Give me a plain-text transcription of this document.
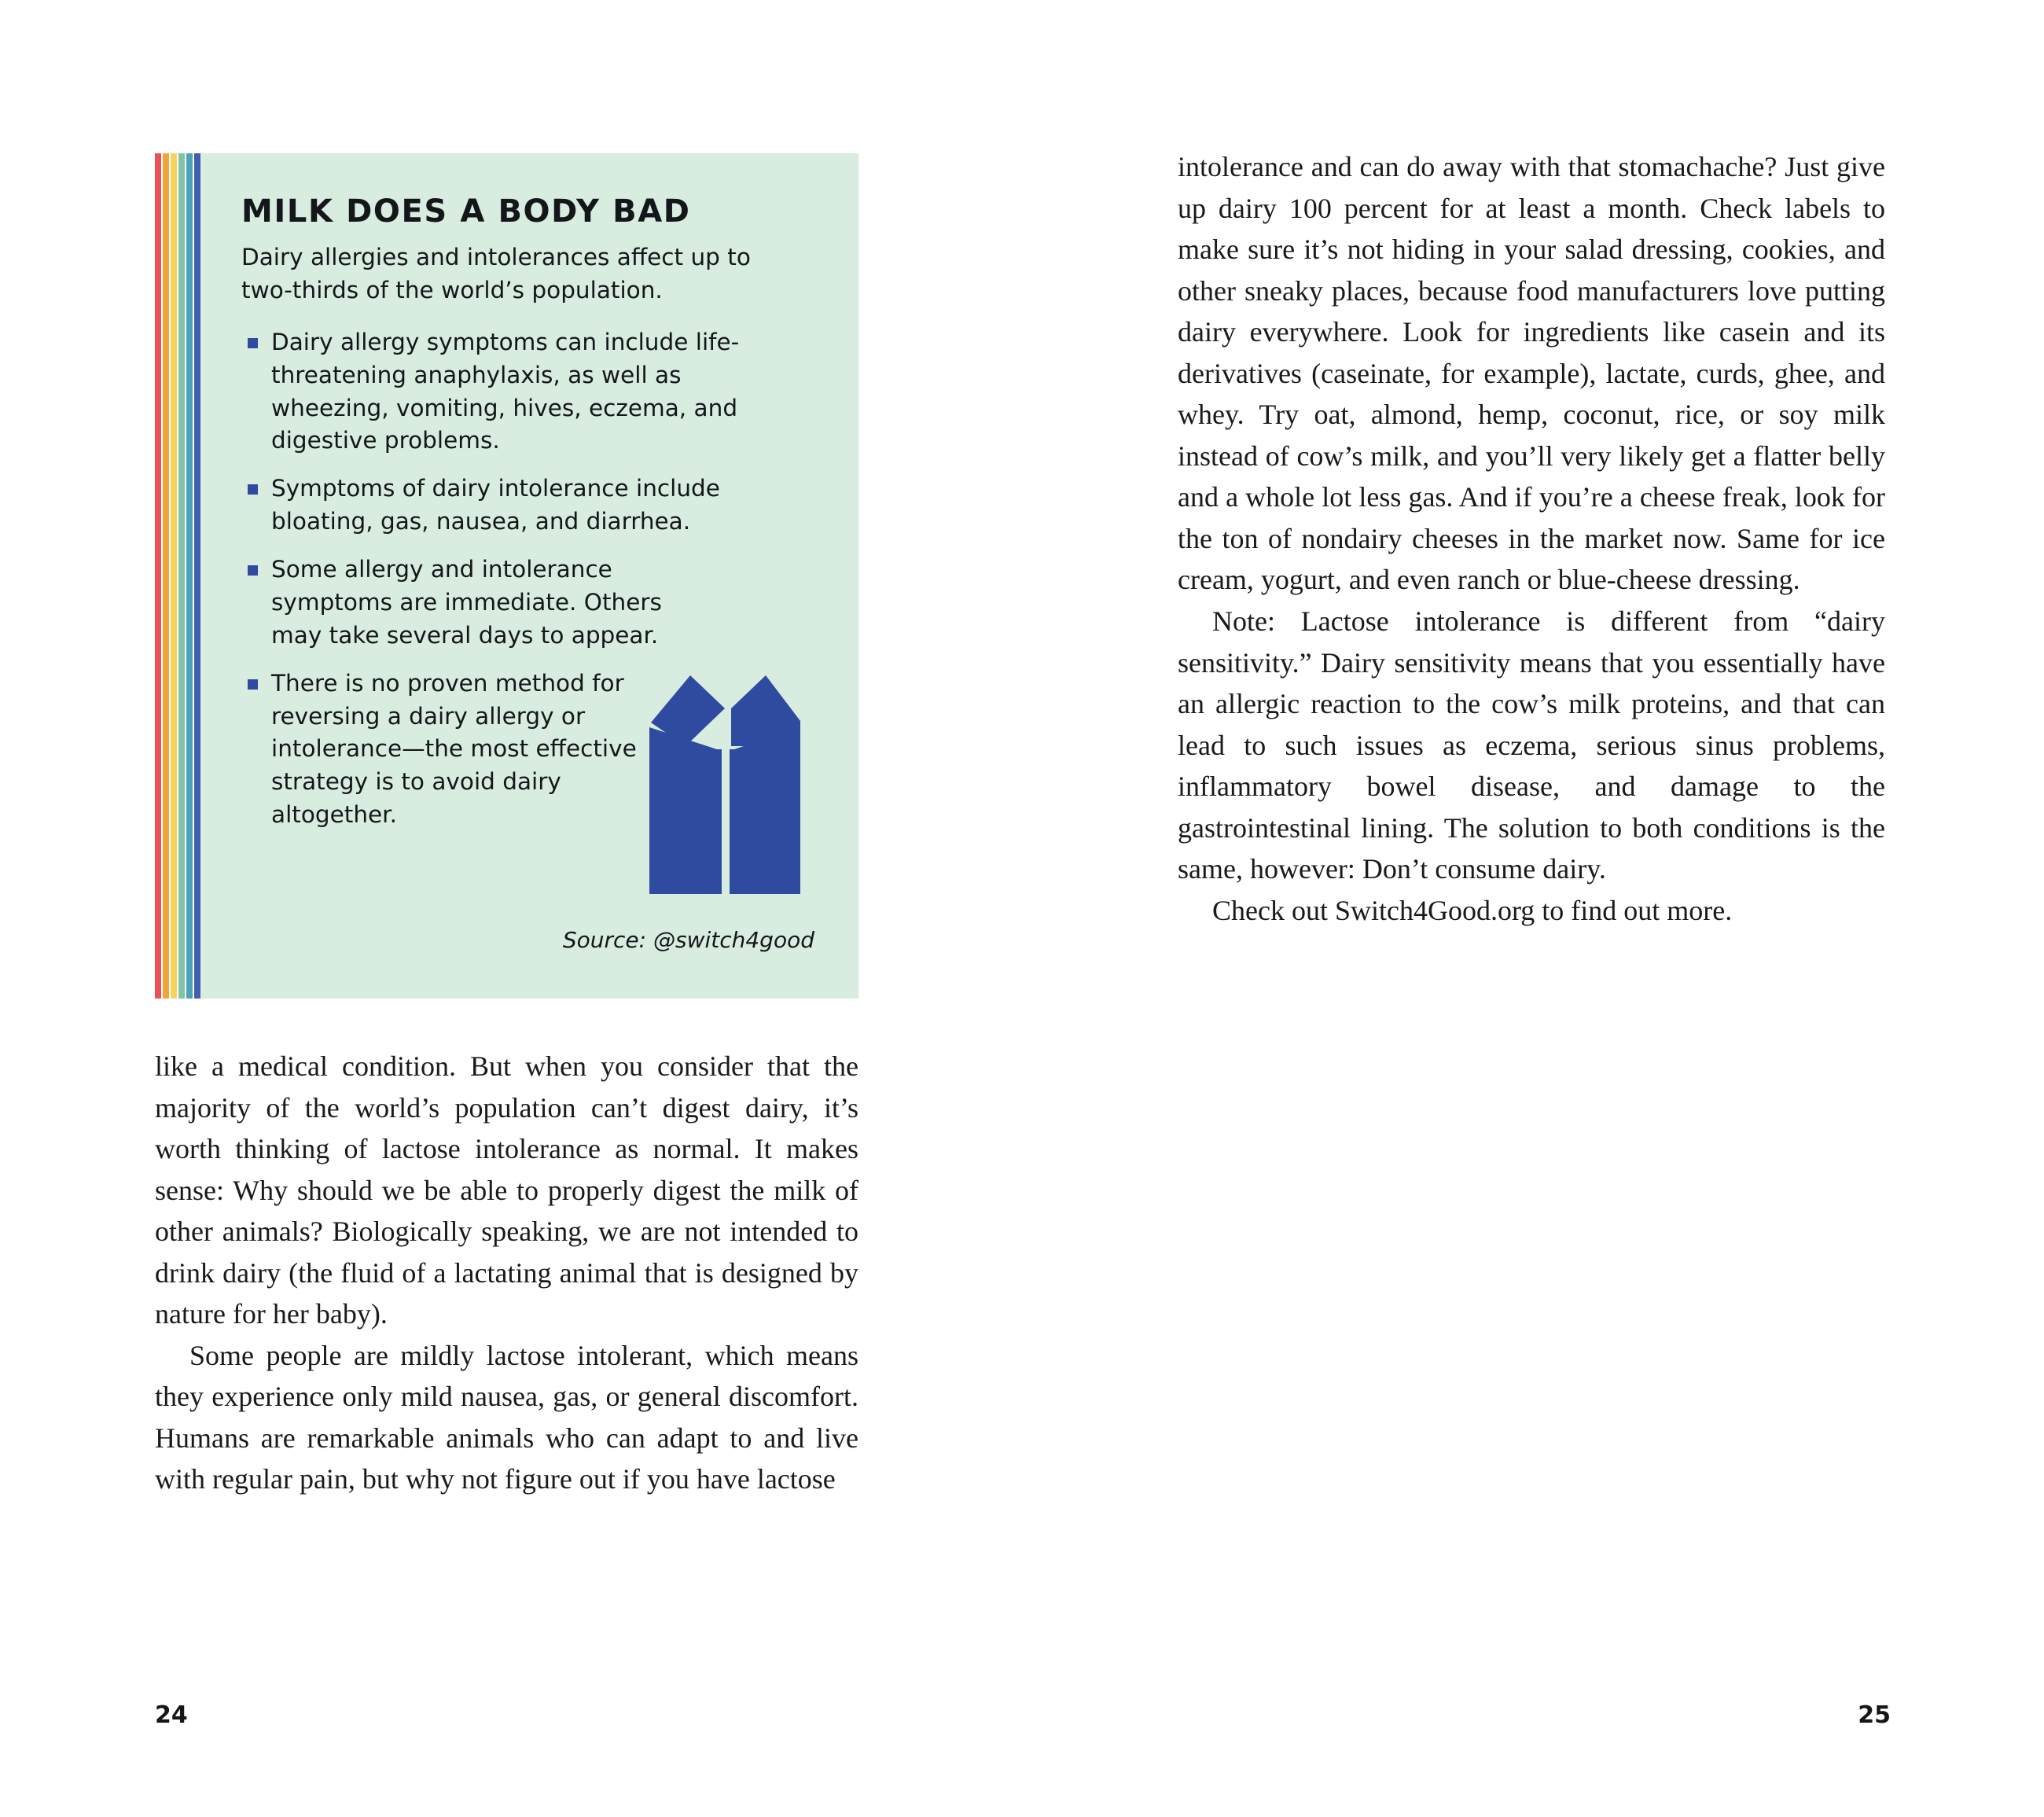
MILK DOES A BODY BAD

Dairy allergies and intolerances affect up to two-thirds of the world’s population.

Dairy allergy symptoms can include life-threatening anaphylaxis, as well as wheezing, vomiting, hives, eczema, and digestive problems.
Symptoms of dairy intolerance include bloating, gas, nausea, and diarrhea.
Some allergy and intolerance symptoms are immediate. Others may take several days to appear.
There is no proven method for reversing a dairy allergy or intolerance—the most effective strategy is to avoid dairy altogether.
Source: @switch4good

like a medical condition. But when you consider that the majority of the world’s population can’t digest dairy, it’s worth thinking of lactose intolerance as normal. It makes sense: Why should we be able to properly digest the milk of other animals? Biologically speaking, we are not intended to drink dairy (the fluid of a lactating animal that is designed by nature for her baby).

Some people are mildly lactose intolerant, which means they experience only mild nausea, gas, or general discomfort. Humans are remarkable animals who can adapt to and live with regular pain, but why not figure out if you have lactose

24

intolerance and can do away with that stomachache? Just give up dairy 100 percent for at least a month. Check labels to make sure it’s not hiding in your salad dressing, cookies, and other sneaky places, because food manufacturers love putting dairy everywhere. Look for ingredients like casein and its derivatives (caseinate, for example), lactate, curds, ghee, and whey. Try oat, almond, hemp, coconut, rice, or soy milk instead of cow’s milk, and you’ll very likely get a flatter belly and a whole lot less gas. And if you’re a cheese freak, look for the ton of nondairy cheeses in the market now. Same for ice cream, yogurt, and even ranch or blue-cheese dressing.

Note: Lactose intolerance is different from “dairy sensitivity.” Dairy sensitivity means that you essentially have an allergic reaction to the cow’s milk proteins, and that can lead to such issues as eczema, serious sinus problems, inflammatory bowel disease, and damage to the gastrointestinal lining. The solution to both conditions is the same, however: Don’t consume dairy.

Check out Switch4Good.org to find out more.

25
